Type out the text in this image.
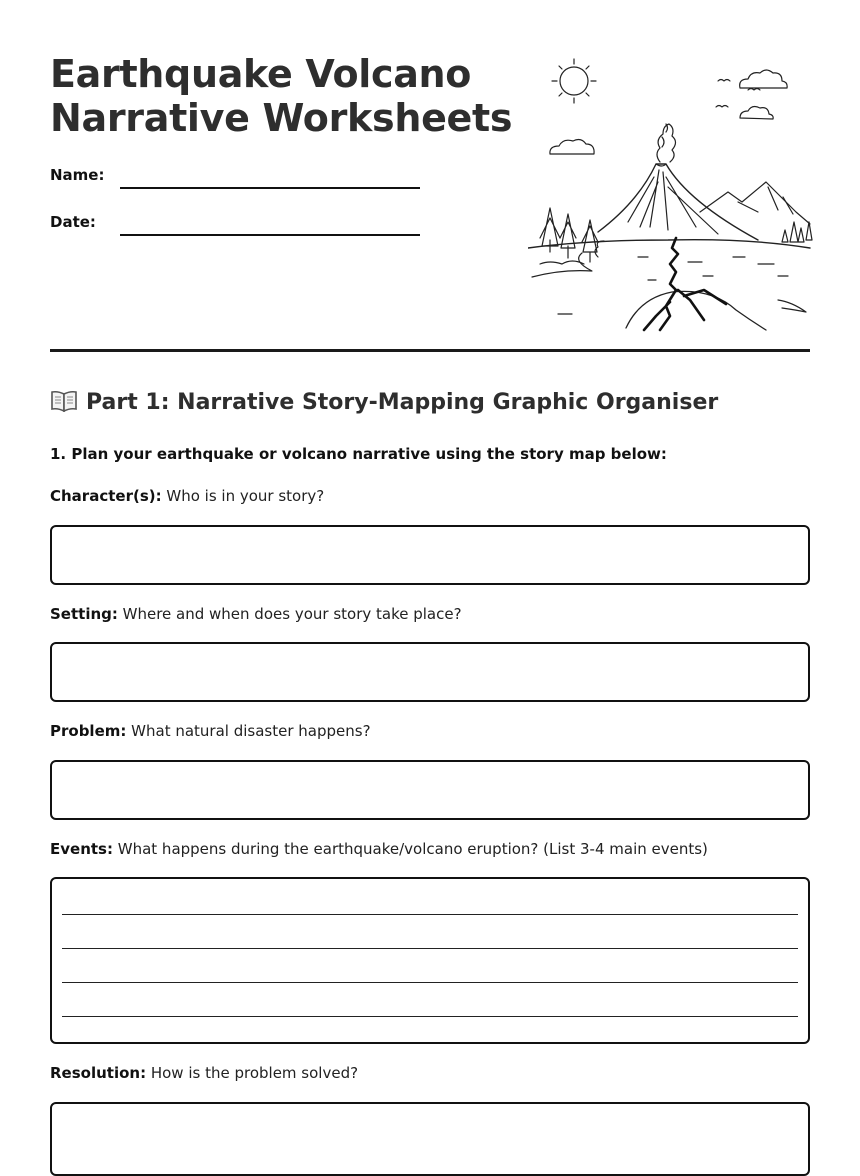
Earthquake Volcano
Narrative Worksheets
Name:
Date:
Part 1: Narrative Story-Mapping Graphic Organiser
1. Plan your earthquake or volcano narrative using the story map below:
Character(s): Who is in your story?
Setting: Where and when does your story take place?
Problem: What natural disaster happens?
Events: What happens during the earthquake/volcano eruption? (List 3-4 main events)
Resolution: How is the problem solved?
